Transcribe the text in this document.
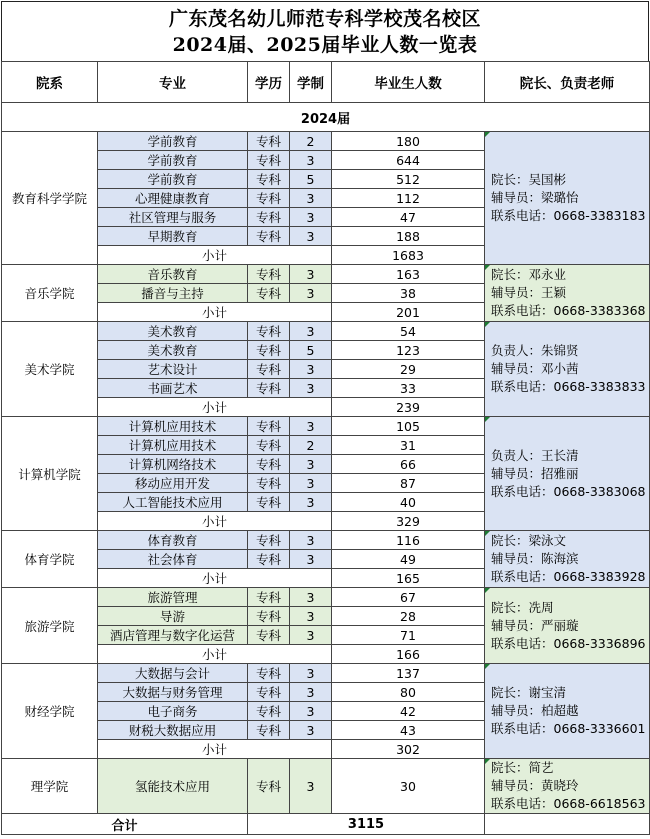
广东茂名幼儿师范专科学校茂名校区
2024届、2025届毕业人数一览表
院系	专业	学历	学制	毕业生人数	院长、负责老师
2024届					
教育科学学院	学前教育	专科	2	180	院长：吴国彬
辅导员：梁璐怡
联系电话：0668-3383183

	学前教育	专科	3	644	
	学前教育	专科	5	512	
	心理健康教育	专科	3	112	
	社区管理与服务	专科	3	47	
	早期教育	专科	3	188	
	小计			1683	
音乐学院	音乐教育	专科	3	163	院长：邓永业
辅导员：王颖
联系电话：0668-3383368

	播音与主持	专科	3	38	
	小计			201	
美术学院	美术教育	专科	3	54	负责人：朱锦贤
辅导员：邓小茜
联系电话：0668-3383833

	美术教育	专科	5	123	
	艺术设计	专科	3	29	
	书画艺术	专科	3	33	
	小计			239	
计算机学院	计算机应用技术	专科	3	105	负责人：王长清
辅导员：招雅丽
联系电话：0668-3383068

	计算机应用技术	专科	2	31	
	计算机网络技术	专科	3	66	
	移动应用开发	专科	3	87	
	人工智能技术应用	专科	3	40	
	小计			329	
体育学院	体育教育	专科	3	116	院长：梁泳文
辅导员：陈海滨
联系电话：0668-3383928

	社会体育	专科	3	49	
	小计			165	
旅游学院	旅游管理	专科	3	67	院长：冼周
辅导员：严丽璇
联系电话：0668-3336896

	导游	专科	3	28	
	酒店管理与数字化运营	专科	3	71	
	小计			166	
财经学院	大数据与会计	专科	3	137	院长：谢宝清
辅导员：柏超越
联系电话：0668-3336601

	大数据与财务管理	专科	3	80	
	电子商务	专科	3	42	
	财税大数据应用	专科	3	43	
	小计			302	
理学院	氢能技术应用	专科	3	30	院长：简艺
辅导员：黄晓玲
联系电话：0668-6618563

合计		3115			
